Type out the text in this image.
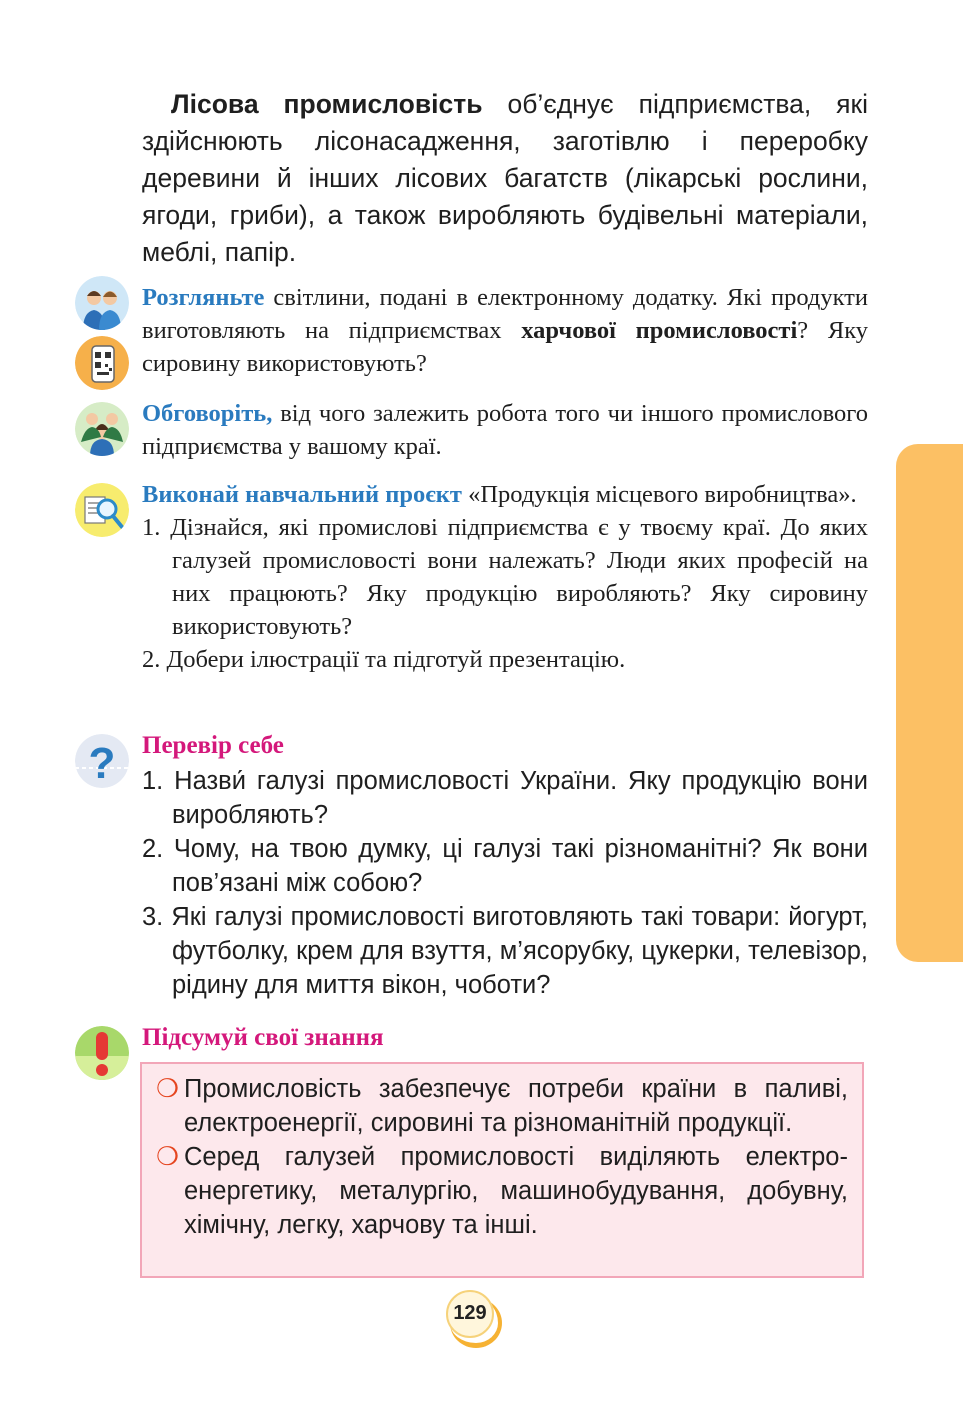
Лісова промисловість об’єднує підприємства, які здійснюють лісонасадження, заготівлю і переробку деревини й інших лісових багатств (лікарські рослини, ягоди, гриби), а також виробляють будівельні матеріали, меблі, папір.

Розгляньте світлини, подані в електронному додатку. Які продукти виготовляють на підприємствах харчової промисловості? Яку сировину використовують?

Обговоріть, від чого залежить робота того чи іншого промислового підприємства у вашому краї.

Виконай навчальний проєкт «Продукція місцевого виробництва».

1. Дізнайся, які промислові підприємства є у твоєму краї. До яких галузей промисловості вони належать? Люди яких професій на них працюють? Яку продукцію виробляють? Яку сировину використовують?
2. Добери ілюстрації та підготуй презентацію.
? Перевір себе
1. Назви́ галузі промисловості України. Яку продукцію вони виробляють?
2. Чому, на твою думку, ці галузі такі різноманітні? Як вони пов’язані між собою?
3. Які галузі промисловості виготовляють такі товари: йогурт, футболку, крем для взуття, м’ясорубку, цукерки, телевізор, рідину для миття вікон, чоботи?
Підсумуй свої знання
❍ Промисловість забезпечує потреби країни в паливі, електроенергії, сировині та різноманітній продукції.
❍ Серед галузей промисловості виділяють електроенергетику, металургію, машинобудування, добувну, хімічну, легку, харчову та інші.
129
